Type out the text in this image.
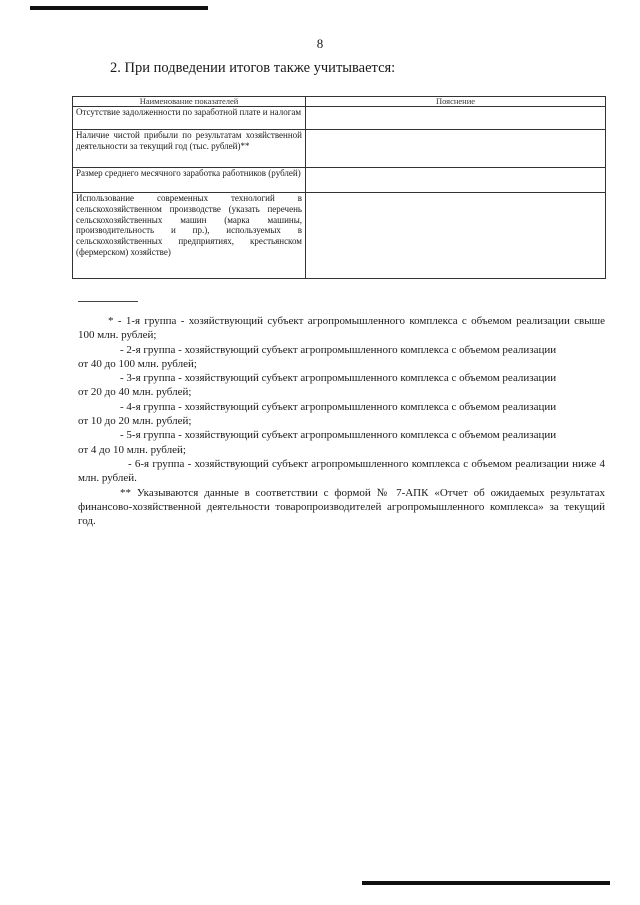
8
2. При подведении итогов также учитывается:
Наименование показателей	Пояснение
Отсутствие задолженности по заработной плате и налогам	
Наличие чистой прибыли по результатам хозяйственной деятельности за текущий год (тыс. рублей)**	
Размер среднего месячного заработка работников (рублей)	
Использование современных технологий в сельскохозяйственном производстве (указать перечень сельскохозяйственных машин (марка машины, производительность и пр.), используемых в сельскохозяйственных предприятиях, крестьянском (фермерском) хозяйстве)	

* - 1-я группа - хозяйствующий субъект агропромышленного комплекса с объемом реализации свыше 100 млн. рублей;

- 2-я группа - хозяйствующий субъект агропромышленного комплекса с объемом реализации

от 40 до 100 млн. рублей;

- 3-я группа - хозяйствующий субъект агропромышленного комплекса с объемом реализации

от 20 до 40 млн. рублей;

- 4-я группа - хозяйствующий субъект агропромышленного комплекса с объемом реализации

от 10 до 20 млн. рублей;

- 5-я группа - хозяйствующий субъект агропромышленного комплекса с объемом реализации

от 4 до 10 млн. рублей;

- 6-я группа - хозяйствующий субъект агропромышленного комплекса с объемом реализации ниже 4 млн. рублей.

** Указываются данные в соответствии с формой № 7-АПК «Отчет об ожидаемых результатах финансово-хозяйственной деятельности товаропроизводителей агропромышленного комплекса» за текущий год.
